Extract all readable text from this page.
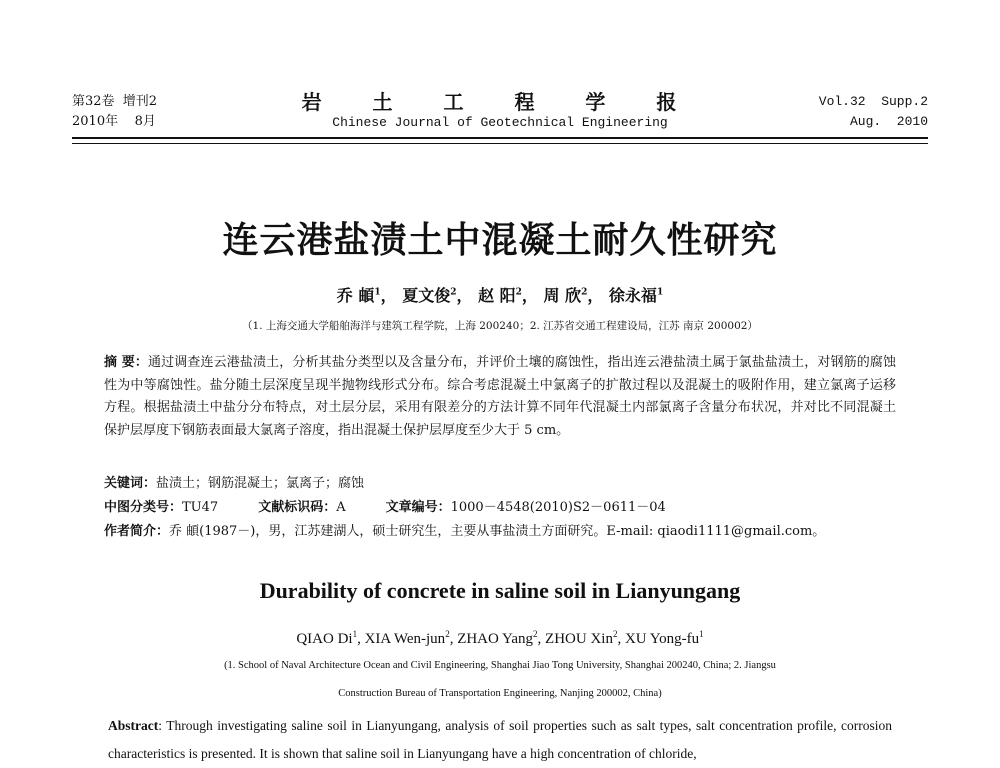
第32卷  增刊2
2010年    8月
岩 土 工 程 学 报
Chinese Journal of Geotechnical Engineering
Vol.32  Supp.2
Aug.  2010
连云港盐渍土中混凝土耐久性研究
乔 頔$^1$， 夏文俊$^2$， 赵 阳$^2$， 周 欣$^2$， 徐永福$^1$
（1. 上海交通大学船舶海洋与建筑工程学院，上海 200240；2. 江苏省交通工程建设局，江苏 南京 200002）
摘 要：通过调查连云港盐渍土，分析其盐分类型以及含量分布，并评价土壤的腐蚀性，指出连云港盐渍土属于氯盐盐渍土，对钢筋的腐蚀性为中等腐蚀性。盐分随土层深度呈现半抛物线形式分布。综合考虑混凝土中氯离子的扩散过程以及混凝土的吸附作用，建立氯离子运移方程。根据盐渍土中盐分分布特点，对土层分层，采用有限差分的方法计算不同年代混凝土内部氯离子含量分布状况，并对比不同混凝土保护层厚度下钢筋表面最大氯离子溶度，指出混凝土保护层厚度至少大于 5 cm。
关键词：盐渍土；钢筋混凝土；氯离子；腐蚀
中图分类号：TU47	文献标识码：A	文章编号：1000－4548(2010)S2－0611－04
作者简介：乔 頔(1987－)，男，江苏建湖人，硕士研究生，主要从事盐渍土方面研究。E-mail: qiaodi1111@gmail.com。
Durability of concrete in saline soil in Lianyungang
QIAO Di$^1$, XIA Wen-jun$^2$, ZHAO Yang$^2$, ZHOU Xin$^2$, XU Yong-$fu^1$
(1. School of Naval Architecture Ocean and Civil Engineering, Shanghai Jiao Tong University, Shanghai 200240, China; 2. Jiangsu
Construction Bureau of Transportation Engineering, Nanjing 200002, China)
Abstract: Through investigating saline soil in Lianyungang, analysis of soil properties such as salt types, salt concentration profile, corrosion characteristics is presented. It is shown that saline soil in Lianyungang have a high concentration of chloride,
